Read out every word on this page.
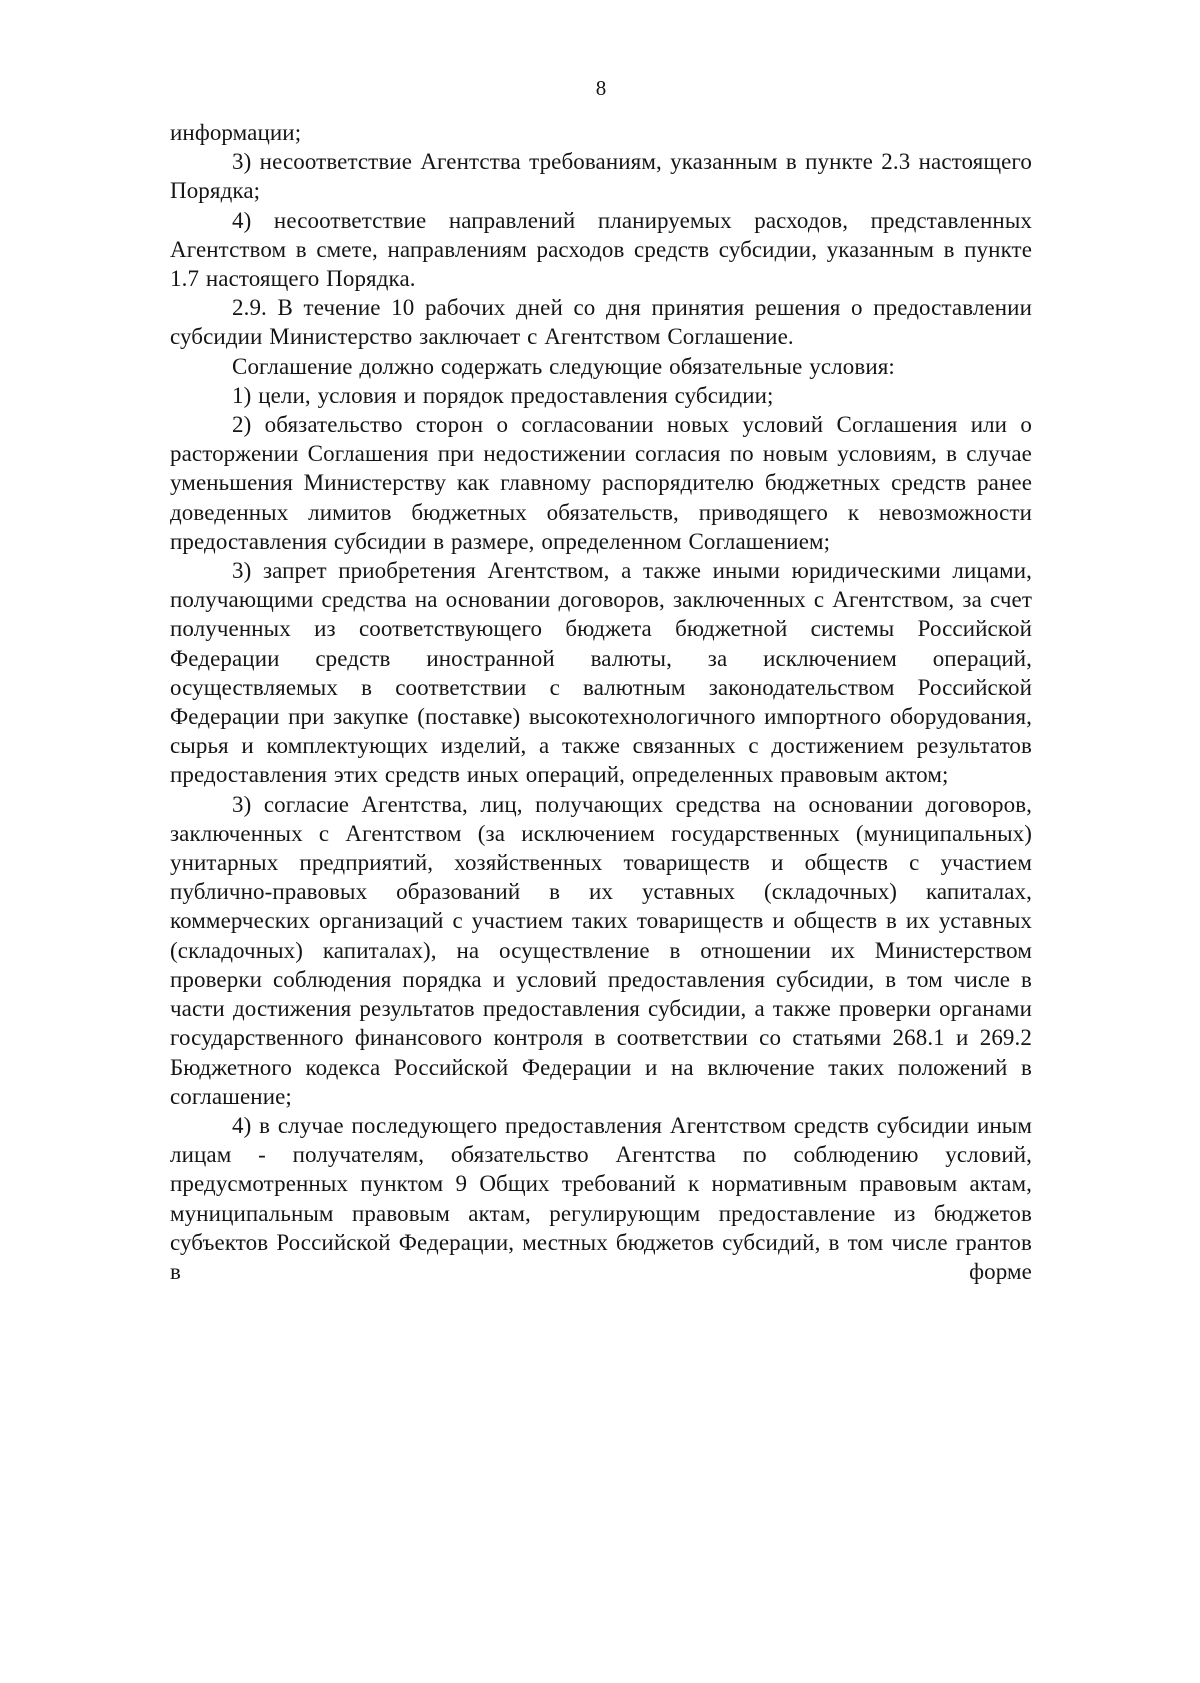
8

информации;

3) несоответствие Агентства требованиям, указанным в пункте 2.3 настоящего Порядка;

4) несоответствие направлений планируемых расходов, представленных Агентством в смете, направлениям расходов средств субсидии, указанным в пункте 1.7 настоящего Порядка.

2.9. В течение 10 рабочих дней со дня принятия решения о предоставлении субсидии Министерство заключает с Агентством Соглашение.

Соглашение должно содержать следующие обязательные условия:

1) цели, условия и порядок предоставления субсидии;

2) обязательство сторон о согласовании новых условий Соглашения или о расторжении Соглашения при недостижении согласия по новым условиям, в случае уменьшения Министерству как главному распорядителю бюджетных средств ранее доведенных лимитов бюджетных обязательств, приводящего к невозможности предоставления субсидии в размере, определенном Соглашением;

3) запрет приобретения Агентством, а также иными юридическими лицами, получающими средства на основании договоров, заключенных с Агентством, за счет полученных из соответствующего бюджета бюджетной системы Российской Федерации средств иностранной валюты, за исключением операций, осуществляемых в соответствии с валютным законодательством Российской Федерации при закупке (поставке) высокотехнологичного импортного оборудования, сырья и комплектующих изделий, а также связанных с достижением результатов предоставления этих средств иных операций, определенных правовым актом;

3) согласие Агентства, лиц, получающих средства на основании договоров, заключенных с Агентством (за исключением государственных (муниципальных) унитарных предприятий, хозяйственных товариществ и обществ с участием публично-правовых образований в их уставных (складочных) капиталах, коммерческих организаций с участием таких товариществ и обществ в их уставных (складочных) капиталах), на осуществление в отношении их Министерством проверки соблюдения порядка и условий предоставления субсидии, в том числе в части достижения результатов предоставления субсидии, а также проверки органами государственного финансового контроля в соответствии со статьями 268.1 и 269.2 Бюджетного кодекса Российской Федерации и на включение таких положений в соглашение;

4) в случае последующего предоставления Агентством средств субсидии иным лицам - получателям, обязательство Агентства по соблюдению условий, предусмотренных пунктом 9 Общих требований к нормативным правовым актам, муниципальным правовым актам, регулирующим предоставление из бюджетов субъектов Российской Федерации, местных бюджетов субсидий, в том числе грантов в форме
